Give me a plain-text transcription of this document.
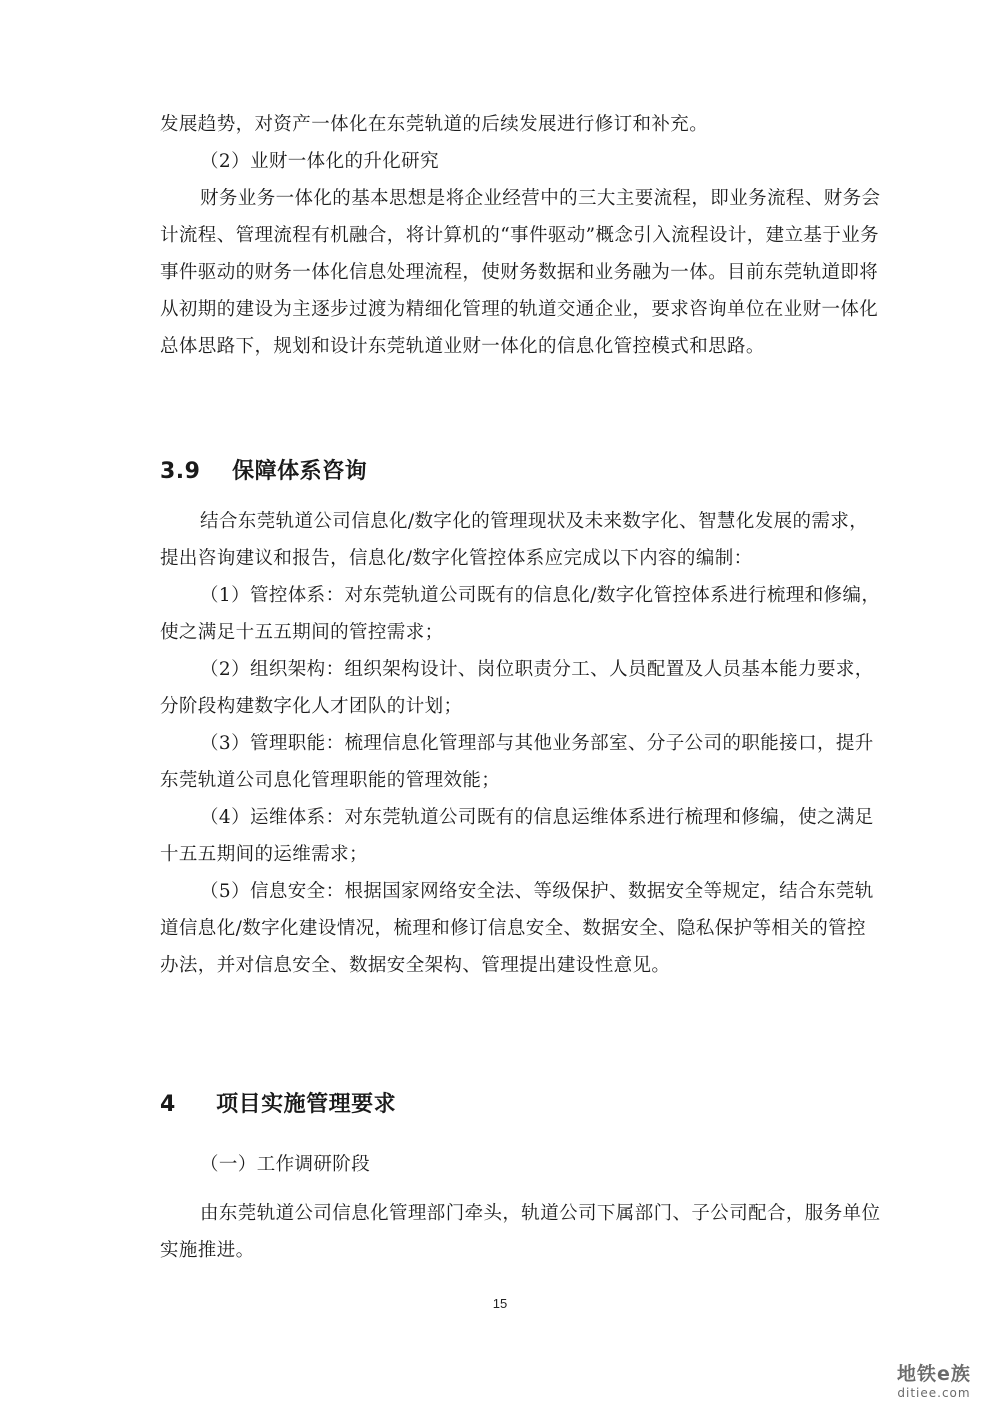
发展趋势，对资产一体化在东莞轨道的后续发展进行修订和补充。

（2）业财一体化的升化研究

财务业务一体化的基本思想是将企业经营中的三大主要流程，即业务流程、财务会计流程、管理流程有机融合，将计算机的“事件驱动”概念引入流程设计，建立基于业务事件驱动的财务一体化信息处理流程，使财务数据和业务融为一体。目前东莞轨道即将从初期的建设为主逐步过渡为精细化管理的轨道交通企业，要求咨询单位在业财一体化总体思路下，规划和设计东莞轨道业财一体化的信息化管控模式和思路。

3.9 保障体系咨询

结合东莞轨道公司信息化/数字化的管理现状及未来数字化、智慧化发展的需求，提出咨询建议和报告，信息化/数字化管控体系应完成以下内容的编制：

（1）管控体系：对东莞轨道公司既有的信息化/数字化管控体系进行梳理和修编，使之满足十五五期间的管控需求；

（2）组织架构：组织架构设计、岗位职责分工、人员配置及人员基本能力要求，分阶段构建数字化人才团队的计划；

（3）管理职能：梳理信息化管理部与其他业务部室、分子公司的职能接口，提升东莞轨道公司息化管理职能的管理效能；

（4）运维体系：对东莞轨道公司既有的信息运维体系进行梳理和修编，使之满足十五五期间的运维需求；

（5）信息安全：根据国家网络安全法、等级保护、数据安全等规定，结合东莞轨道信息化/数字化建设情况，梳理和修订信息安全、数据安全、隐私保护等相关的管控办法，并对信息安全、数据安全架构、管理提出建设性意见。

4 项目实施管理要求

（一）工作调研阶段

由东莞轨道公司信息化管理部门牵头，轨道公司下属部门、子公司配合，服务单位实施推进。

15
地铁e族
ditiee.com
